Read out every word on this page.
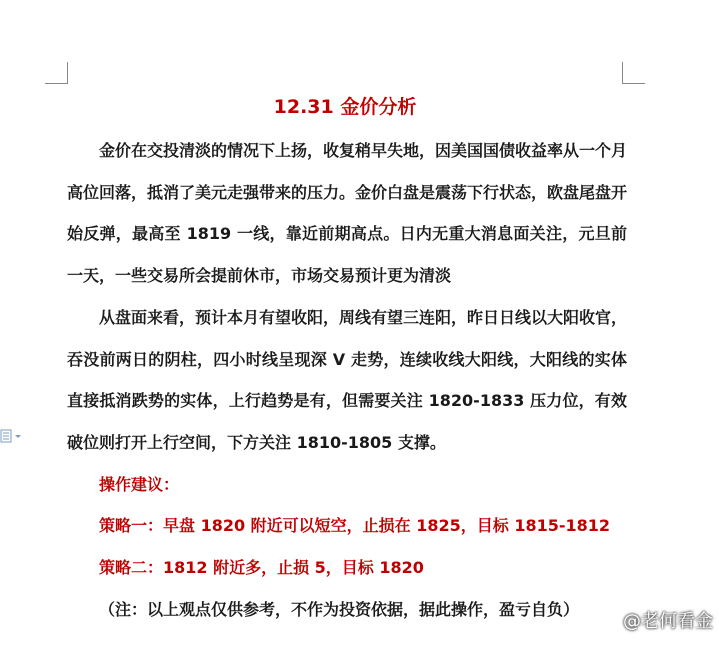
12.31 金价分析

金价在交投清淡的情况下上扬，收复稍早失地，因美国国债收益率从一个月高位回落，抵消了美元走强带来的压力。金价白盘是震荡下行状态，欧盘尾盘开始反弹，最高至 1819 一线，靠近前期高点。日内无重大消息面关注，元旦前一天，一些交易所会提前休市，市场交易预计更为清淡

从盘面来看，预计本月有望收阳，周线有望三连阳，昨日日线以大阳收官，吞没前两日的阴柱，四小时线呈现深 V 走势，连续收线大阳线，大阳线的实体直接抵消跌势的实体，上行趋势是有，但需要关注 1820-1833 压力位，有效破位则打开上行空间，下方关注 1810-1805 支撑。

操作建议：

策略一：早盘 1820 附近可以短空，止损在 1825，目标 1815-1812

策略二：1812 附近多，止损 5，目标 1820

（注：以上观点仅供参考，不作为投资依据，据此操作，盈亏自负）

@老何看金
